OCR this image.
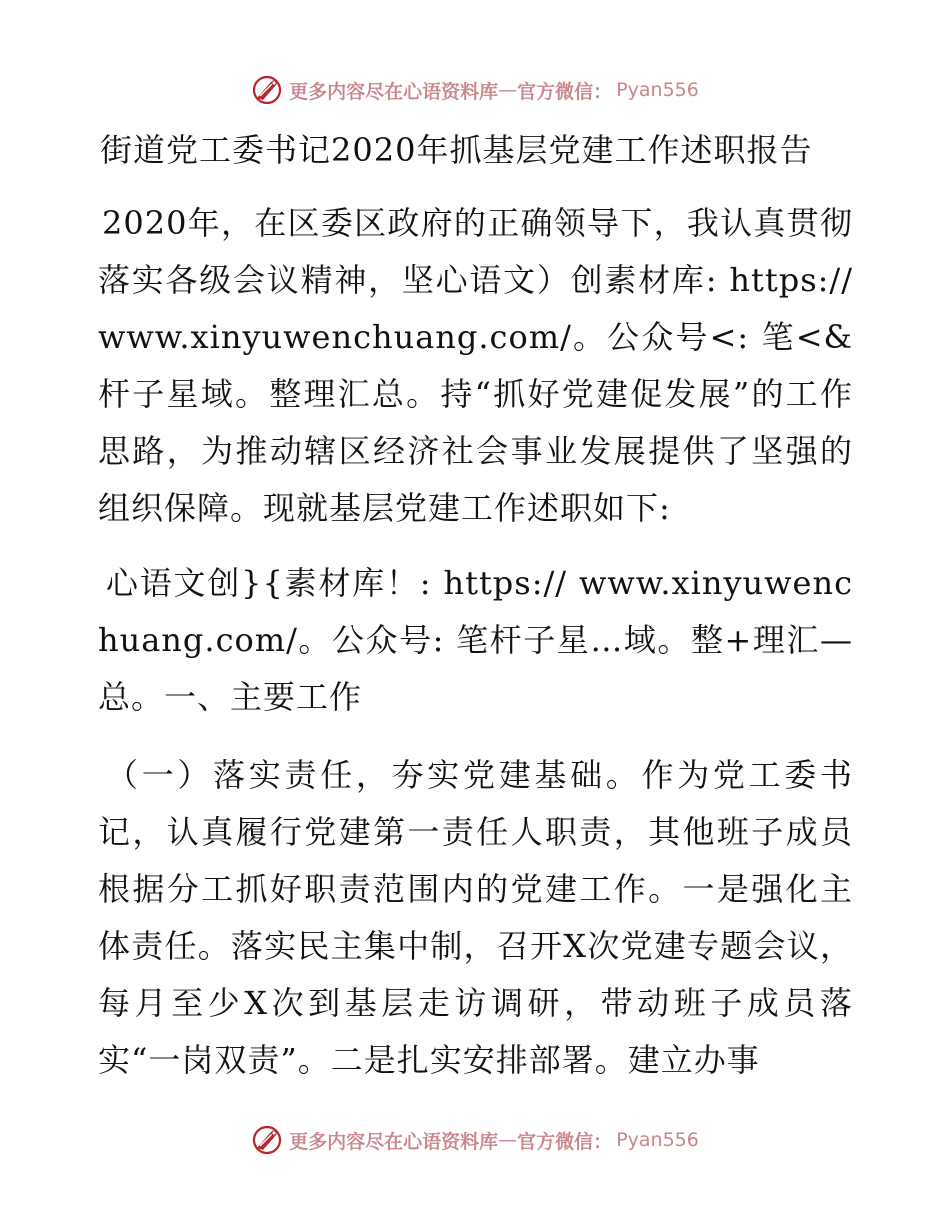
更多内容尽在心语资料库 — 官方微信： Pyan556
街道党工委书记2020年抓基层党建工作述职报告
2020年，在区委区政府的正确领导下，我认真贯彻落实各级会议精神，坚心语文）创素材库: https://www.xinyuwenchuang.com/。公众号<: 笔<&杆子星域。整理汇总。持“抓好党建促发展”的工作思路，为推动辖区经济社会事业发展提供了坚强的组织保障。现就基层党建工作述职如下:
心语文创}{素材库！: https:// www.xinyuwenchuang.com/。公众号: 笔杆子星…域。整+理汇—总。一、主要工作
（一）落实责任，夯实党建基础。作为党工委书记，认真履行党建第一责任人职责，其他班子成员根据分工抓好职责范围内的党建工作。一是强化主体责任。落实民主集中制，召开X次党建专题会议，每月至少X次到基层走访调研，带动班子成员落实“一岗双责”。二是扎实安排部署。建立办事
更多内容尽在心语资料库 — 官方微信： Pyan556
